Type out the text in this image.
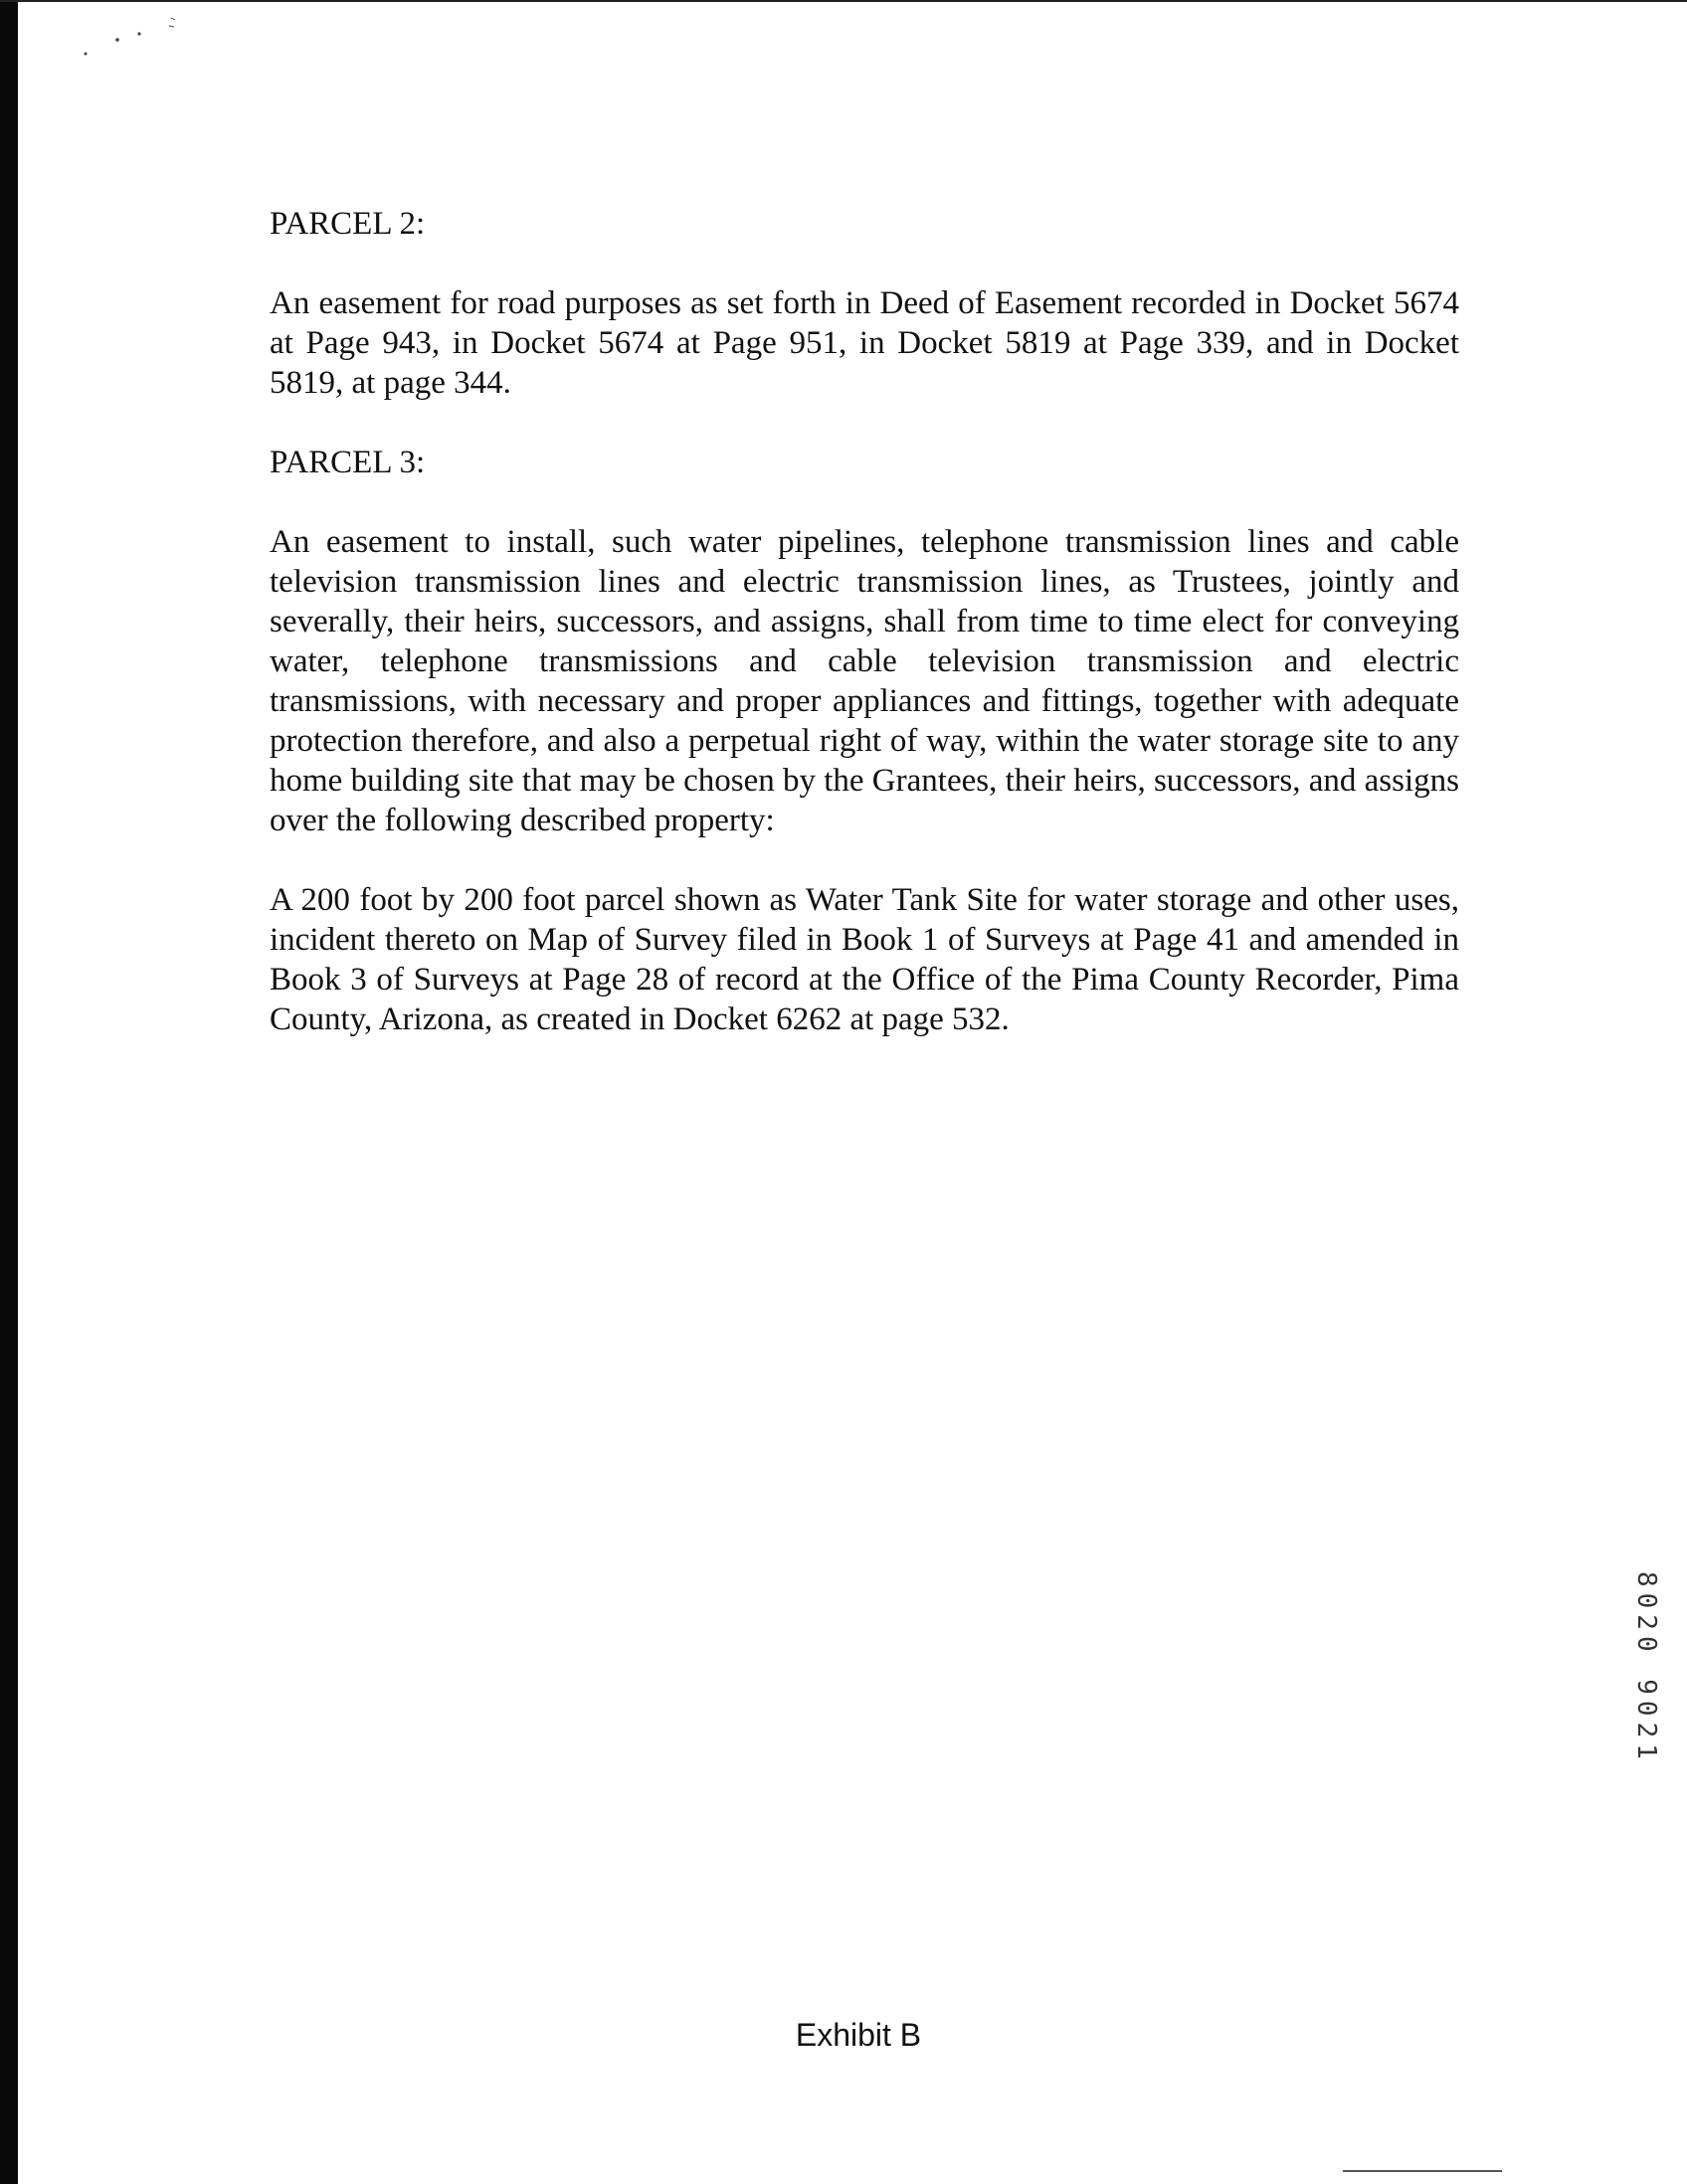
PARCEL 2:

An easement for road purposes as set forth in Deed of Easement recorded in Docket 5674 at Page 943, in Docket 5674 at Page 951, in Docket 5819 at Page 339, and in Docket 5819, at page 344.

PARCEL 3:

An easement to install, such water pipelines, telephone transmission lines and cable television transmission lines and electric transmission lines, as Trustees, jointly and severally, their heirs, successors, and assigns, shall from time to time elect for conveying water, telephone transmissions and cable television transmission and electric transmissions, with necessary and proper appliances and fittings, together with adequate protection therefore, and also a perpetual right of way, within the water storage site to any home building site that may be chosen by the Grantees, their heirs, successors, and assigns over the following described property:

A 200 foot by 200 foot parcel shown as Water Tank Site for water storage and other uses, incident thereto on Map of Survey filed in Book 1 of Surveys at Page 41 and amended in Book 3 of Surveys at Page 28 of record at the Office of the Pima County Recorder, Pima County, Arizona, as created in Docket 6262 at page 532.

8020 9021
Exhibit B
